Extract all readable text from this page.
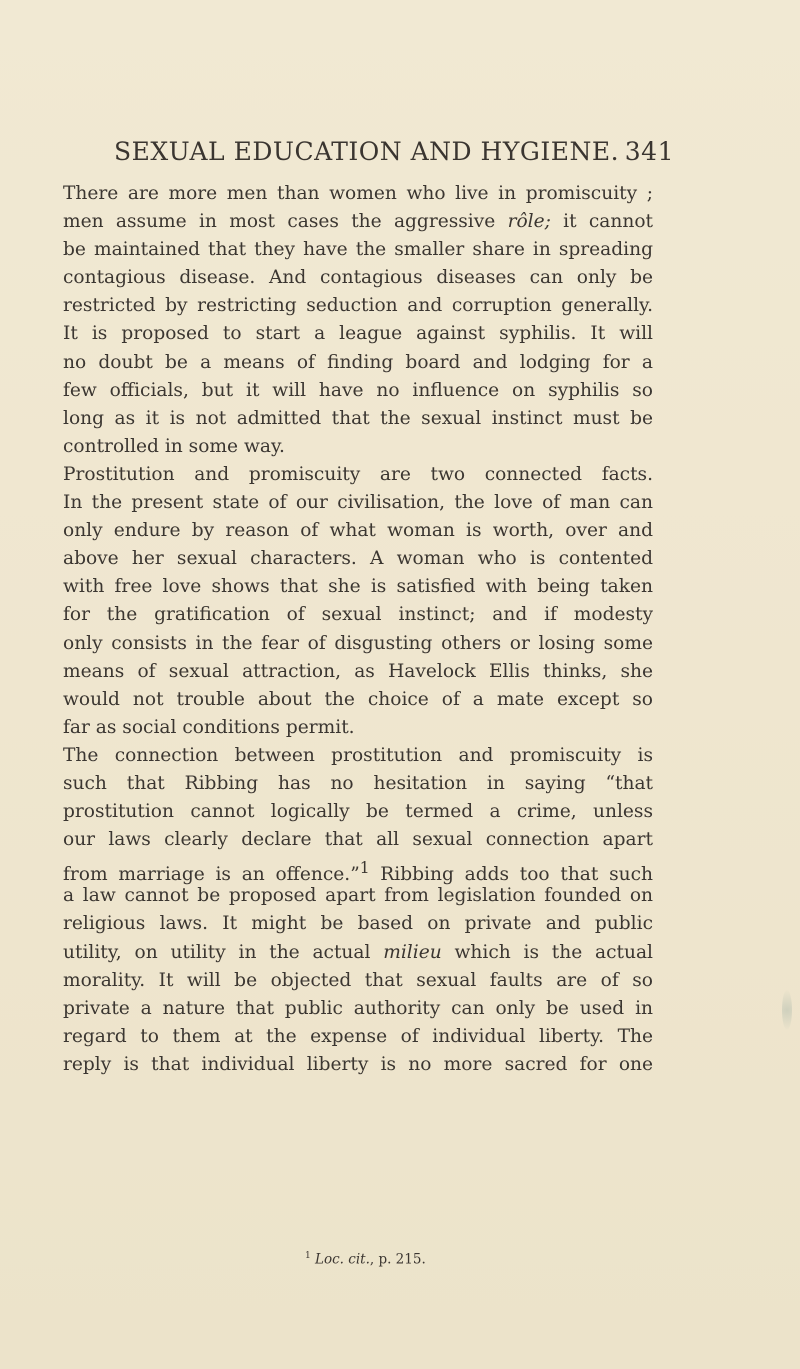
SEXUAL EDUCATION AND HYGIENE. 341
There are more men than women who live in promiscuity ;
men assume in most cases the aggressive rôle; it cannot
be maintained that they have the smaller share in spreading
contagious disease. And contagious diseases can only be
restricted by restricting seduction and corruption generally.
It is proposed to start a league against syphilis. It will
no doubt be a means of finding board and lodging for a
few officials, but it will have no influence on syphilis so
long as it is not admitted that the sexual instinct must be
controlled in some way.
Prostitution and promiscuity are two connected facts.
In the present state of our civilisation, the love of man can
only endure by reason of what woman is worth, over and
above her sexual characters. A woman who is contented
with free love shows that she is satisfied with being taken
for the gratification of sexual instinct; and if modesty
only consists in the fear of disgusting others or losing some
means of sexual attraction, as Havelock Ellis thinks, she
would not trouble about the choice of a mate except so
far as social conditions permit.
The connection between prostitution and promiscuity is
such that Ribbing has no hesitation in saying “that
prostitution cannot logically be termed a crime, unless
our laws clearly declare that all sexual connection apart
from marriage is an offence.”$^1$ Ribbing adds too that such
a law cannot be proposed apart from legislation founded on
religious laws. It might be based on private and public
utility, on utility in the actual milieu which is the actual
morality. It will be objected that sexual faults are of so
private a nature that public authority can only be used in
regard to them at the expense of individual liberty. The
reply is that individual liberty is no more sacred for one
$^1$ Loc. cit., p. 215.
